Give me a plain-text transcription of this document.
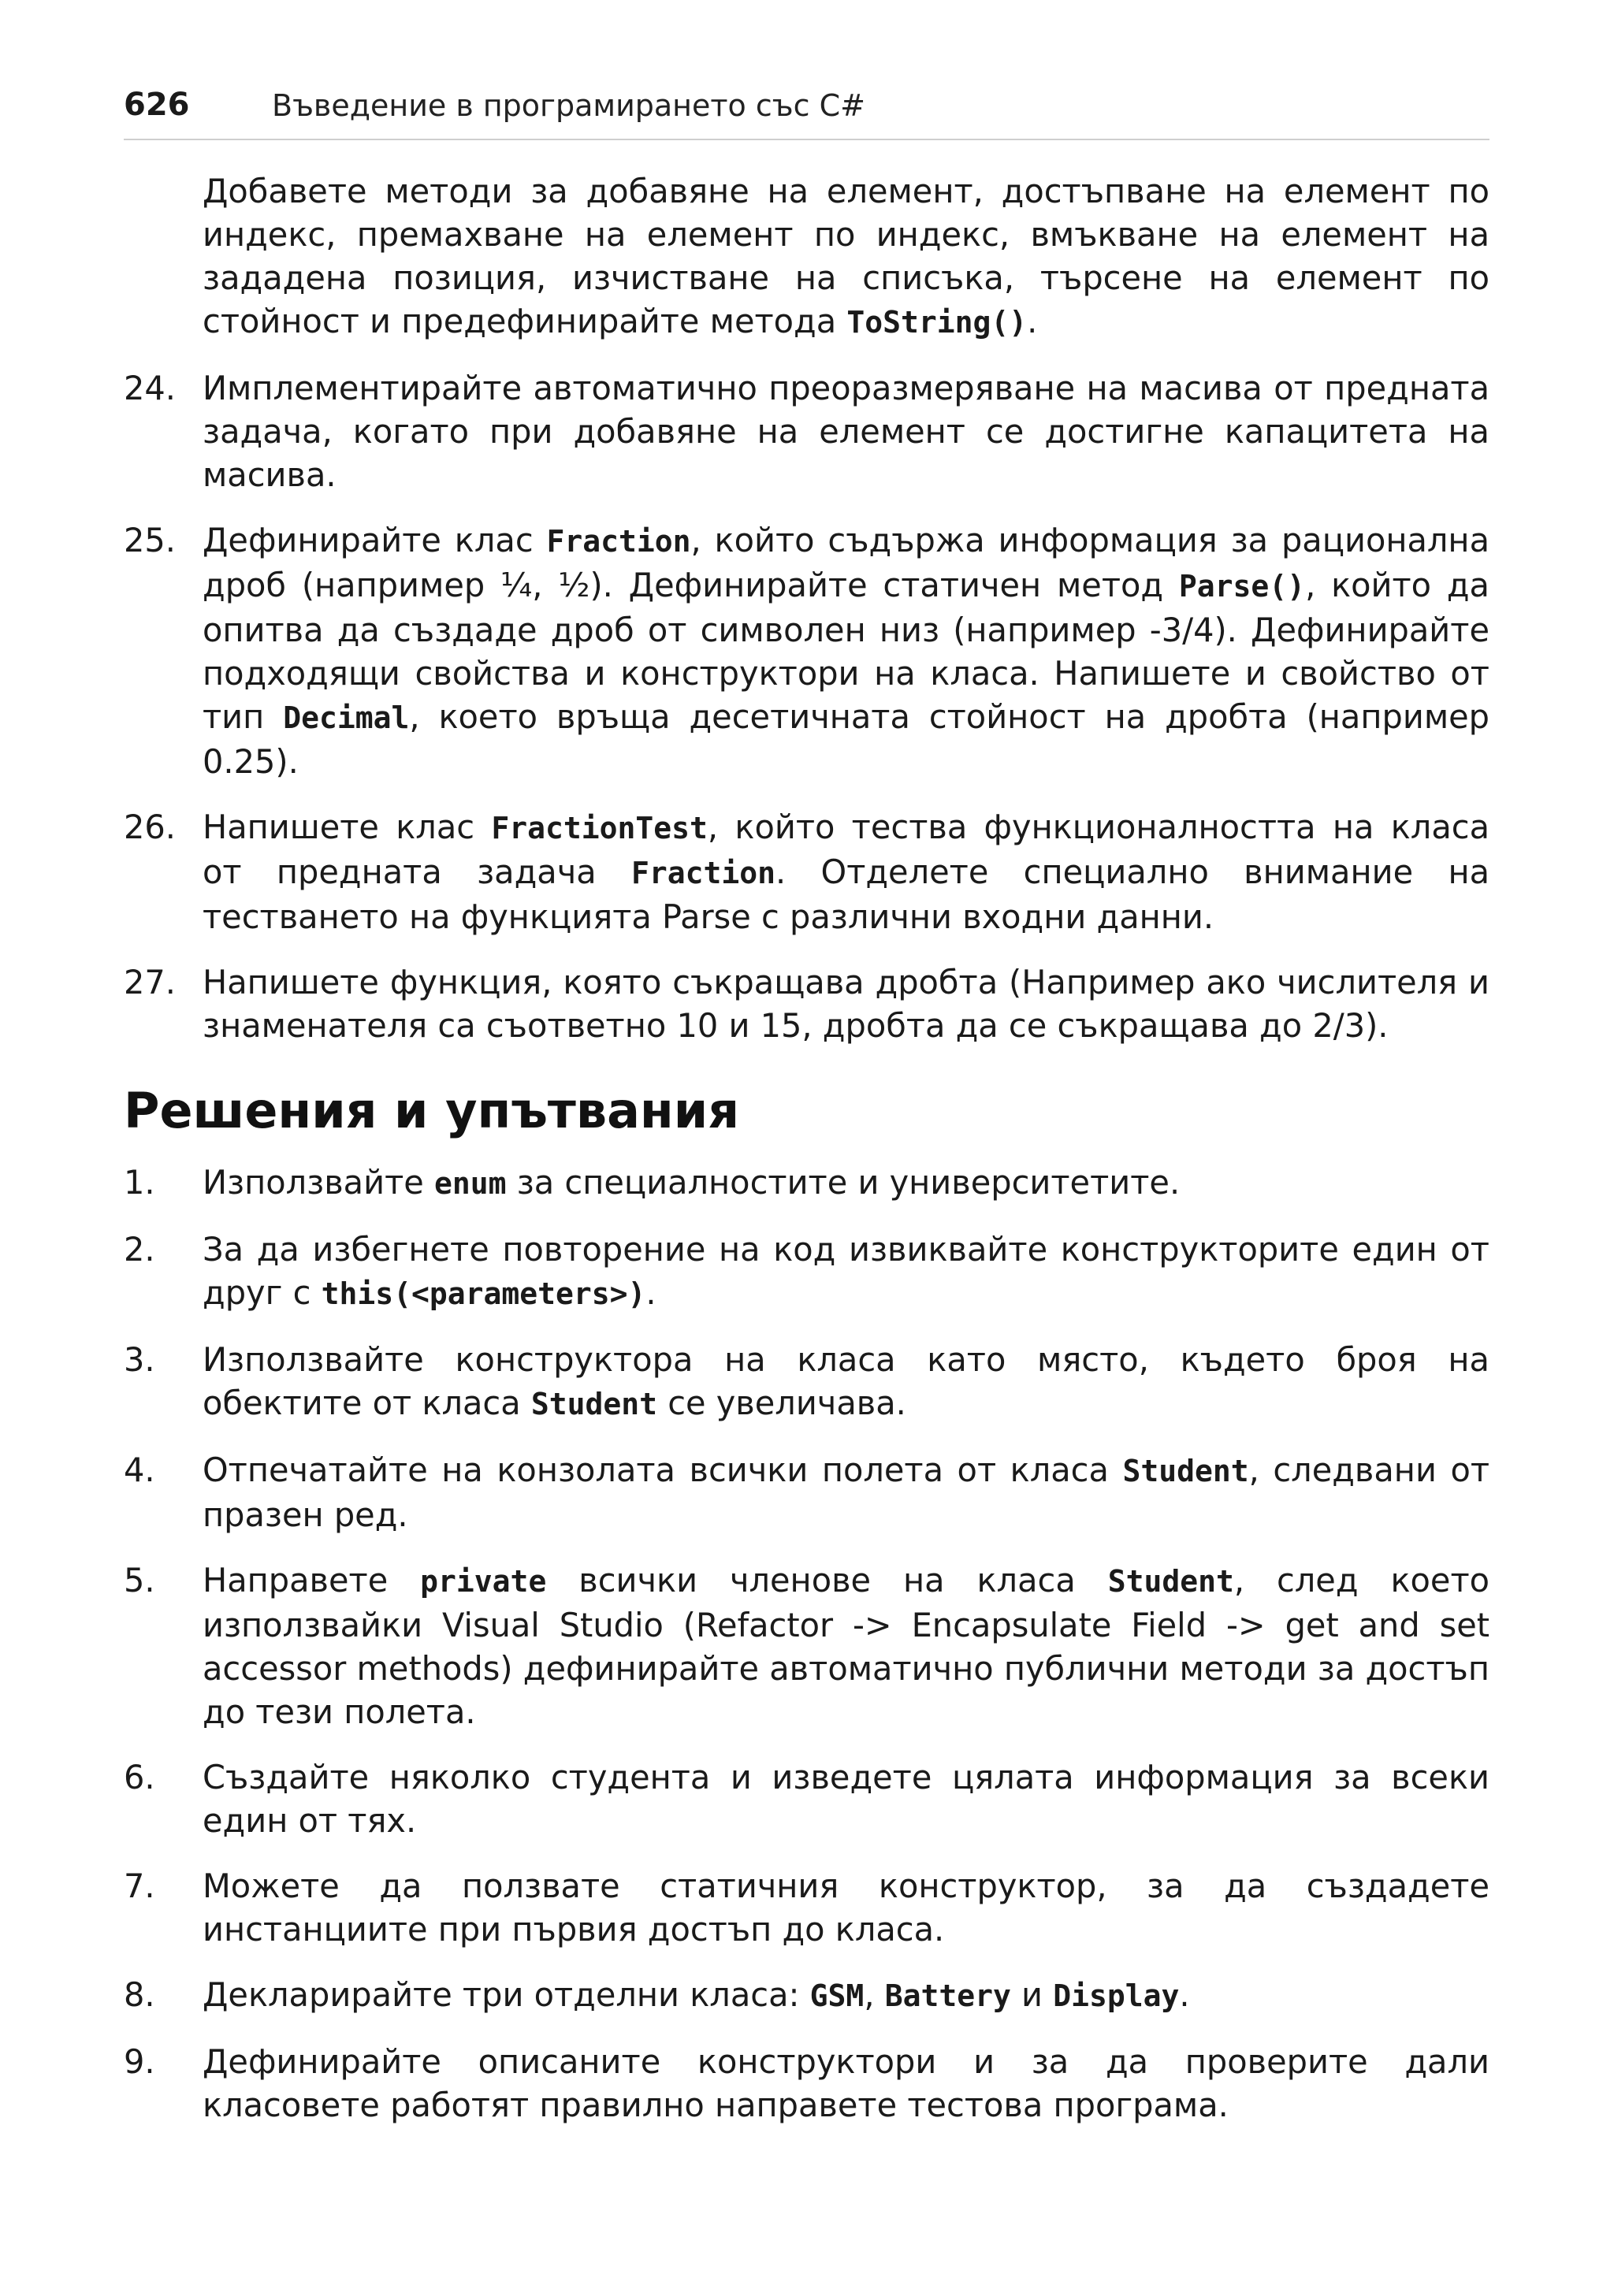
626	Въведение в програмирането със C#

Добавете методи за добавяне на елемент, достъпване на елемент по индекс, премахване на елемент по индекс, вмъкване на елемент на зададена позиция, изчистване на списъка, търсене на елемент по стойност и предефинирайте метода ToString().

24. Имплементирайте автоматично преоразмеряване на масива от предната задача, когато при добавяне на елемент се достигне капацитета на масива.

25. Дефинирайте клас Fraction, който съдържа информация за рационална дроб (например ¼, ½). Дефинирайте статичен метод Parse(), който да опитва да създаде дроб от символен низ (например -3/4). Дефинирайте подходящи свойства и конструктори на класа. Напишете и свойство от тип Decimal, което връща десетичната стойност на дробта (например 0.25).

26. Напишете клас FractionTest, който тества функционалността на класа от предната задача Fraction. Отделете специално внимание на тестването на функцията Parse с различни входни данни.

27. Напишете функция, която съкращава дробта (Например ако числителя и знаменателя са съответно 10 и 15, дробта да се съкращава до 2/3).

Решения и упътвания
1. Използвайте enum за специалностите и университетите.

2. За да избегнете повторение на код извиквайте конструкторите един от друг с this(<parameters>).

3. Използвайте конструктора на класа като място, където броя на обектите от класа Student се увеличава.

4. Отпечатайте на конзолата всички полета от класа Student, следвани от празен ред.

5. Направете private всички членове на класа Student, след което използвайки Visual Studio (Refactor -> Encapsulate Field -> get and set accessor methods) дефинирайте автоматично публични методи за достъп до тези полета.

6. Създайте няколко студента и изведете цялата информация за всеки един от тях.

7. Можете да ползвате статичния конструктор, за да създадете инстанциите при първия достъп до класа.

8. Декларирайте три отделни класа: GSM, Battery и Display.

9. Дефинирайте описаните конструктори и за да проверите дали класовете работят правилно направете тестова програма.
